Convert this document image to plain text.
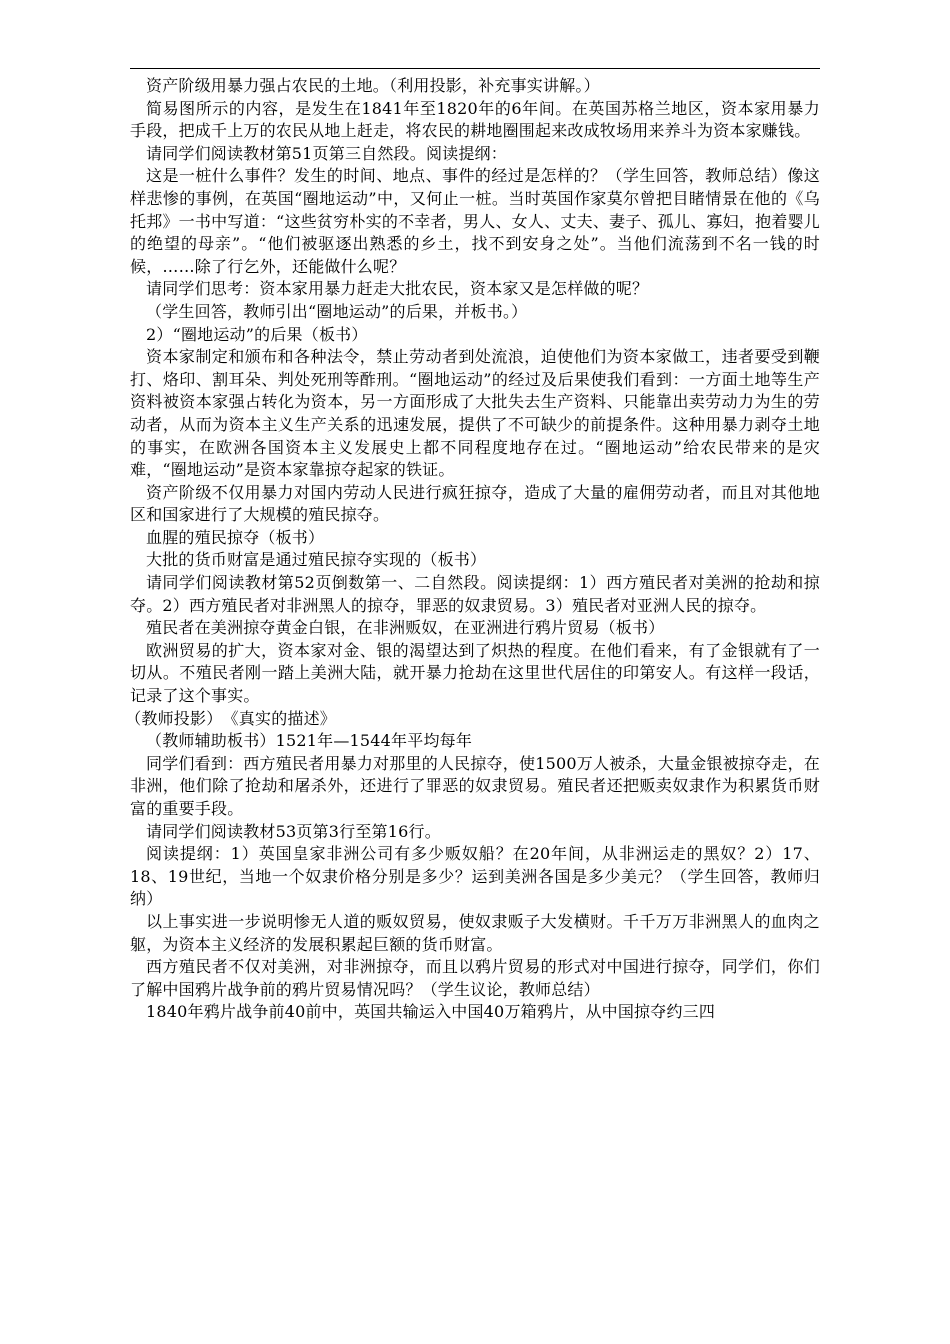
资产阶级用暴力强占农民的土地。（利用投影，补充事实讲解。）

简易图所示的内容，是发生在1841年至1820年的6年间。在英国苏格兰地区，资本家用暴力手段，把成千上万的农民从地上赶走，将农民的耕地圈围起来改成牧场用来养斗为资本家赚钱。

请同学们阅读教材第51页第三自然段。阅读提纲：

这是一桩什么事件？发生的时间、地点、事件的经过是怎样的？（学生回答，教师总结）像这样悲惨的事例，在英国“圈地运动”中，又何止一桩。当时英国作家莫尔曾把目睹情景在他的《乌托邦》一书中写道：“这些贫穷朴实的不幸者，男人、女人、丈夫、妻子、孤儿、寡妇，抱着婴儿的绝望的母亲”。“他们被驱逐出熟悉的乡土，找不到安身之处”。当他们流荡到不名一钱的时候，……除了行乞外，还能做什么呢？

请同学们思考：资本家用暴力赶走大批农民，资本家又是怎样做的呢？

（学生回答，教师引出“圈地运动”的后果，并板书。）

2）“圈地运动”的后果（板书）

资本家制定和颁布和各种法令，禁止劳动者到处流浪，迫使他们为资本家做工，违者要受到鞭打、烙印、割耳朵、判处死刑等酢刑。“圈地运动”的经过及后果使我们看到：一方面土地等生产资料被资本家强占转化为资本，另一方面形成了大批失去生产资料、只能靠出卖劳动力为生的劳动者，从而为资本主义生产关系的迅速发展，提供了不可缺少的前提条件。这种用暴力剥夺土地的事实，在欧洲各国资本主义发展史上都不同程度地存在过。“圈地运动”给农民带来的是灾难，“圈地运动”是资本家靠掠夺起家的铁证。

资产阶级不仅用暴力对国内劳动人民进行疯狂掠夺，造成了大量的雇佣劳动者，而且对其他地区和国家进行了大规模的殖民掠夺。

血腥的殖民掠夺（板书）

大批的货币财富是通过殖民掠夺实现的（板书）

请同学们阅读教材第52页倒数第一、二自然段。阅读提纲：1）西方殖民者对美洲的抢劫和掠夺。2）西方殖民者对非洲黑人的掠夺，罪恶的奴隶贸易。3）殖民者对亚洲人民的掠夺。

殖民者在美洲掠夺黄金白银，在非洲贩奴，在亚洲进行鸦片贸易（板书）

欧洲贸易的扩大，资本家对金、银的渴望达到了炽热的程度。在他们看来，有了金银就有了一切从。不殖民者刚一踏上美洲大陆，就开暴力抢劫在这里世代居住的印第安人。有这样一段话，记录了这个事实。

（教师投影）　《真实的描述》

（教师辅助板书）1521年—1544年平均每年

同学们看到：西方殖民者用暴力对那里的人民掠夺，使1500万人被杀，大量金银被掠夺走，在非洲，他们除了抢劫和屠杀外，还进行了罪恶的奴隶贸易。殖民者还把贩卖奴隶作为积累货币财富的重要手段。

请同学们阅读教材53页第3行至第16行。

阅读提纲：1）英国皇家非洲公司有多少贩奴船？在20年间，从非洲运走的黑奴？2）17、18、19世纪，当地一个奴隶价格分别是多少？运到美洲各国是多少美元？（学生回答，教师归纳）

以上事实进一步说明惨无人道的贩奴贸易，使奴隶贩子大发横财。千千万万非洲黑人的血肉之躯，为资本主义经济的发展积累起巨额的货币财富。

西方殖民者不仅对美洲，对非洲掠夺，而且以鸦片贸易的形式对中国进行掠夺，同学们，你们了解中国鸦片战争前的鸦片贸易情况吗？（学生议论，教师总结）

1840年鸦片战争前40前中，英国共输运入中国40万箱鸦片，从中国掠夺约三四
